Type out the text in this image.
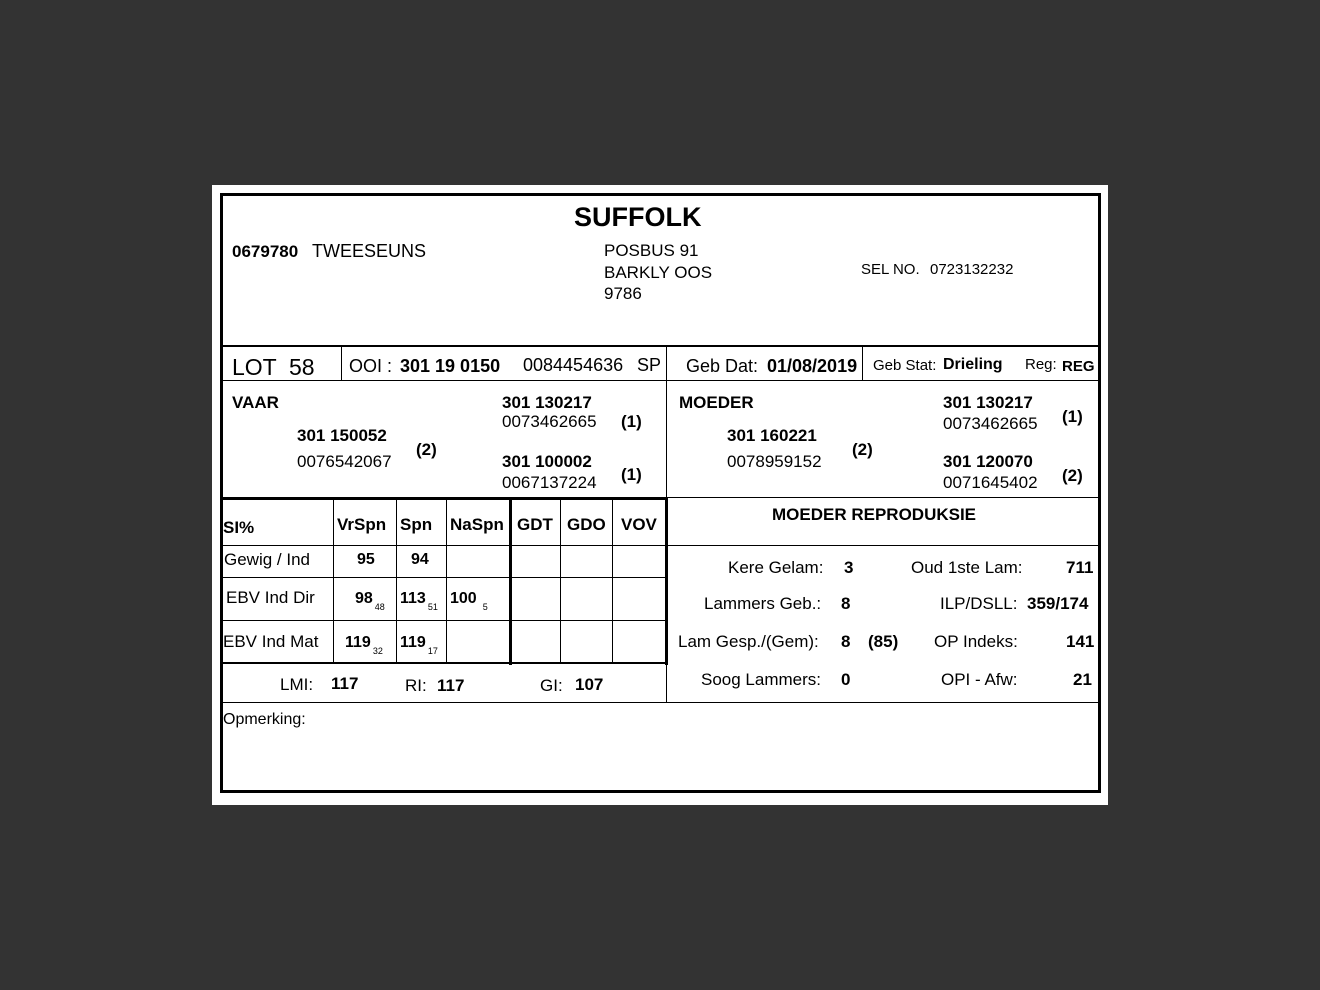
SUFFOLK
0679780 TWEESEUNS	POSBUS 91
BARKLY OOS
9786
SEL NO. 0723132232
LOT 58 OOI : 301 19 0150 0084454636 SP Geb Dat: 01/08/2019 Geb Stat: Drieling Reg: REG
VAAR
301 150052
0076542067
(2)
301 130217
0073462665 (1)
301 100002
0067137224 (1)
MOEDER
301 160221
0078959152
(2)
301 130217
0073462665 (1)
301 120070
0071645402 (2)
SI%	VrSpn Spn NaSpn GDT GDO VOV
Gewig / Ind	95 94
EBV Ind Dir	98 $_{48}$ 113 $_{51}$ 100 $_5$
EBV Ind Mat 119 $_{32}$ 119 $_{17}$
LMI: 117	RI: 117	GI: 107
MOEDER REPRODUKSIE
Kere Gelam: 3	Oud 1ste Lam:	711
Lammers Geb.: 8	ILP/DSLL: 359/174
Lam Gesp./(Gem): 8 (85) OP Indeks:	141
Soog Lammers: 0	OPI - Afw:	21
Opmerking:
